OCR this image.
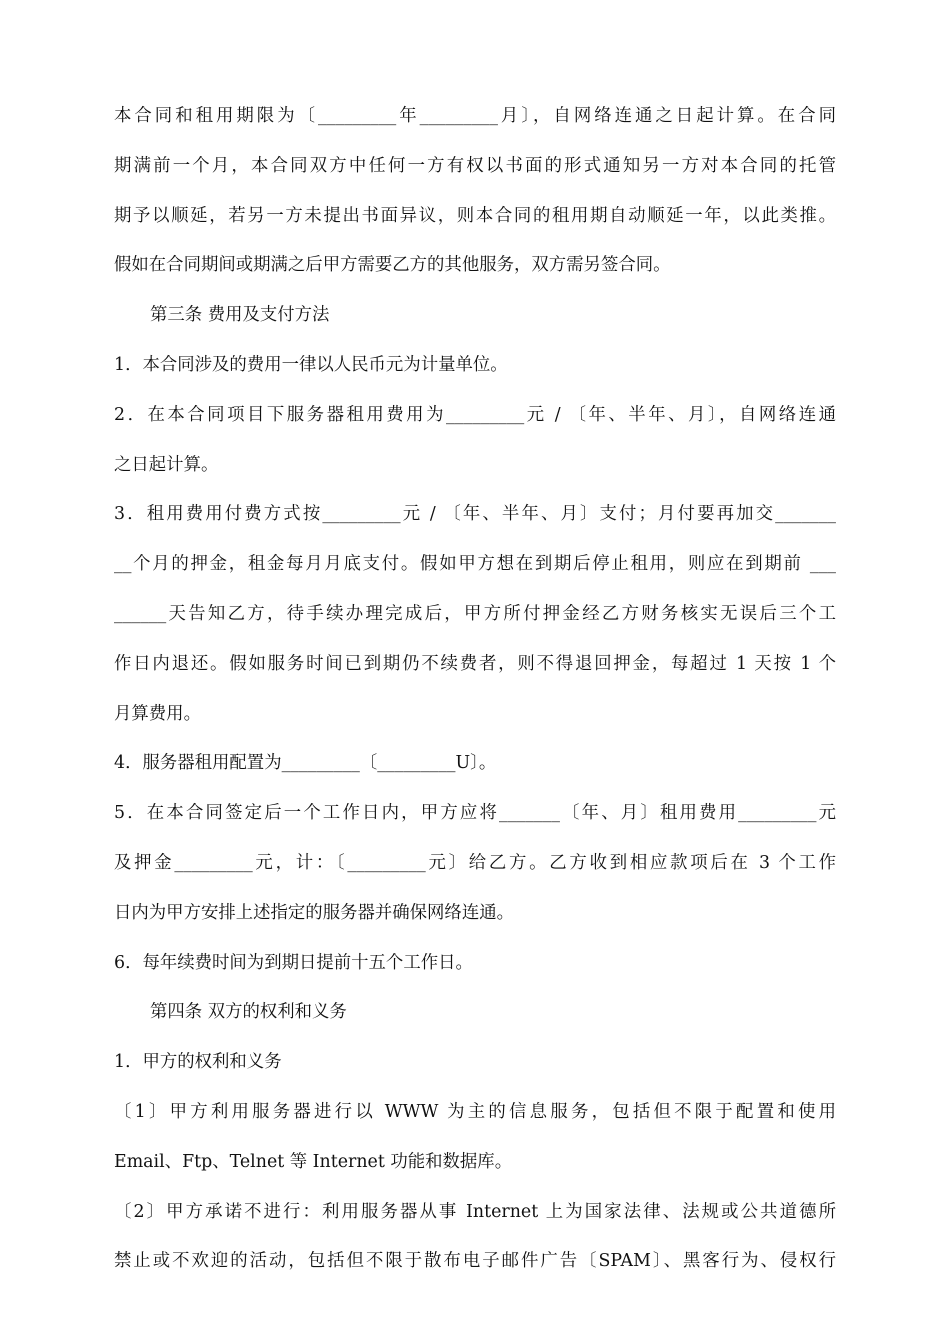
本合同和租用期限为〔_________年_________月〕，自网络连通之日起计算。在合同
期满前一个月，本合同双方中任何一方有权以书面的形式通知另一方对本合同的托管
期予以顺延，若另一方未提出书面异议，则本合同的租用期自动顺延一年，以此类推。
假如在合同期间或期满之后甲方需要乙方的其他服务，双方需另签合同。
第三条 费用及支付方法
1．本合同涉及的费用一律以人民币元为计量单位。
2．在本合同项目下服务器租用费用为_________元 / 〔年、半年、月〕，自网络连通
之日起计算。
3．租用费用付费方式按_________元 / 〔年、半年、月〕支付；月付要再加交_______
__个月的押金，租金每月月底支付。假如甲方想在到期后停止租用，则应在到期前 ___
______天告知乙方，待手续办理完成后，甲方所付押金经乙方财务核实无误后三个工
作日内退还。假如服务时间已到期仍不续费者，则不得退回押金，每超过 1 天按 1 个
月算费用。
4．服务器租用配置为_________〔_________U〕。
5．在本合同签定后一个工作日内，甲方应将_______〔年、月〕租用费用_________元
及押金_________元，计：〔_________元〕给乙方。乙方收到相应款项后在 3 个工作
日内为甲方安排上述指定的服务器并确保网络连通。
6．每年续费时间为到期日提前十五个工作日。
第四条 双方的权利和义务
1．甲方的权利和义务
〔1〕甲方利用服务器进行以 WWW 为主的信息服务，包括但不限于配置和使用
Email、Ftp、Telnet 等 Internet 功能和数据库。
〔2〕甲方承诺不进行：利用服务器从事 Internet 上为国家法律、法规或公共道德所
禁止或不欢迎的活动，包括但不限于散布电子邮件广告〔SPAM〕、黑客行为、侵权行
